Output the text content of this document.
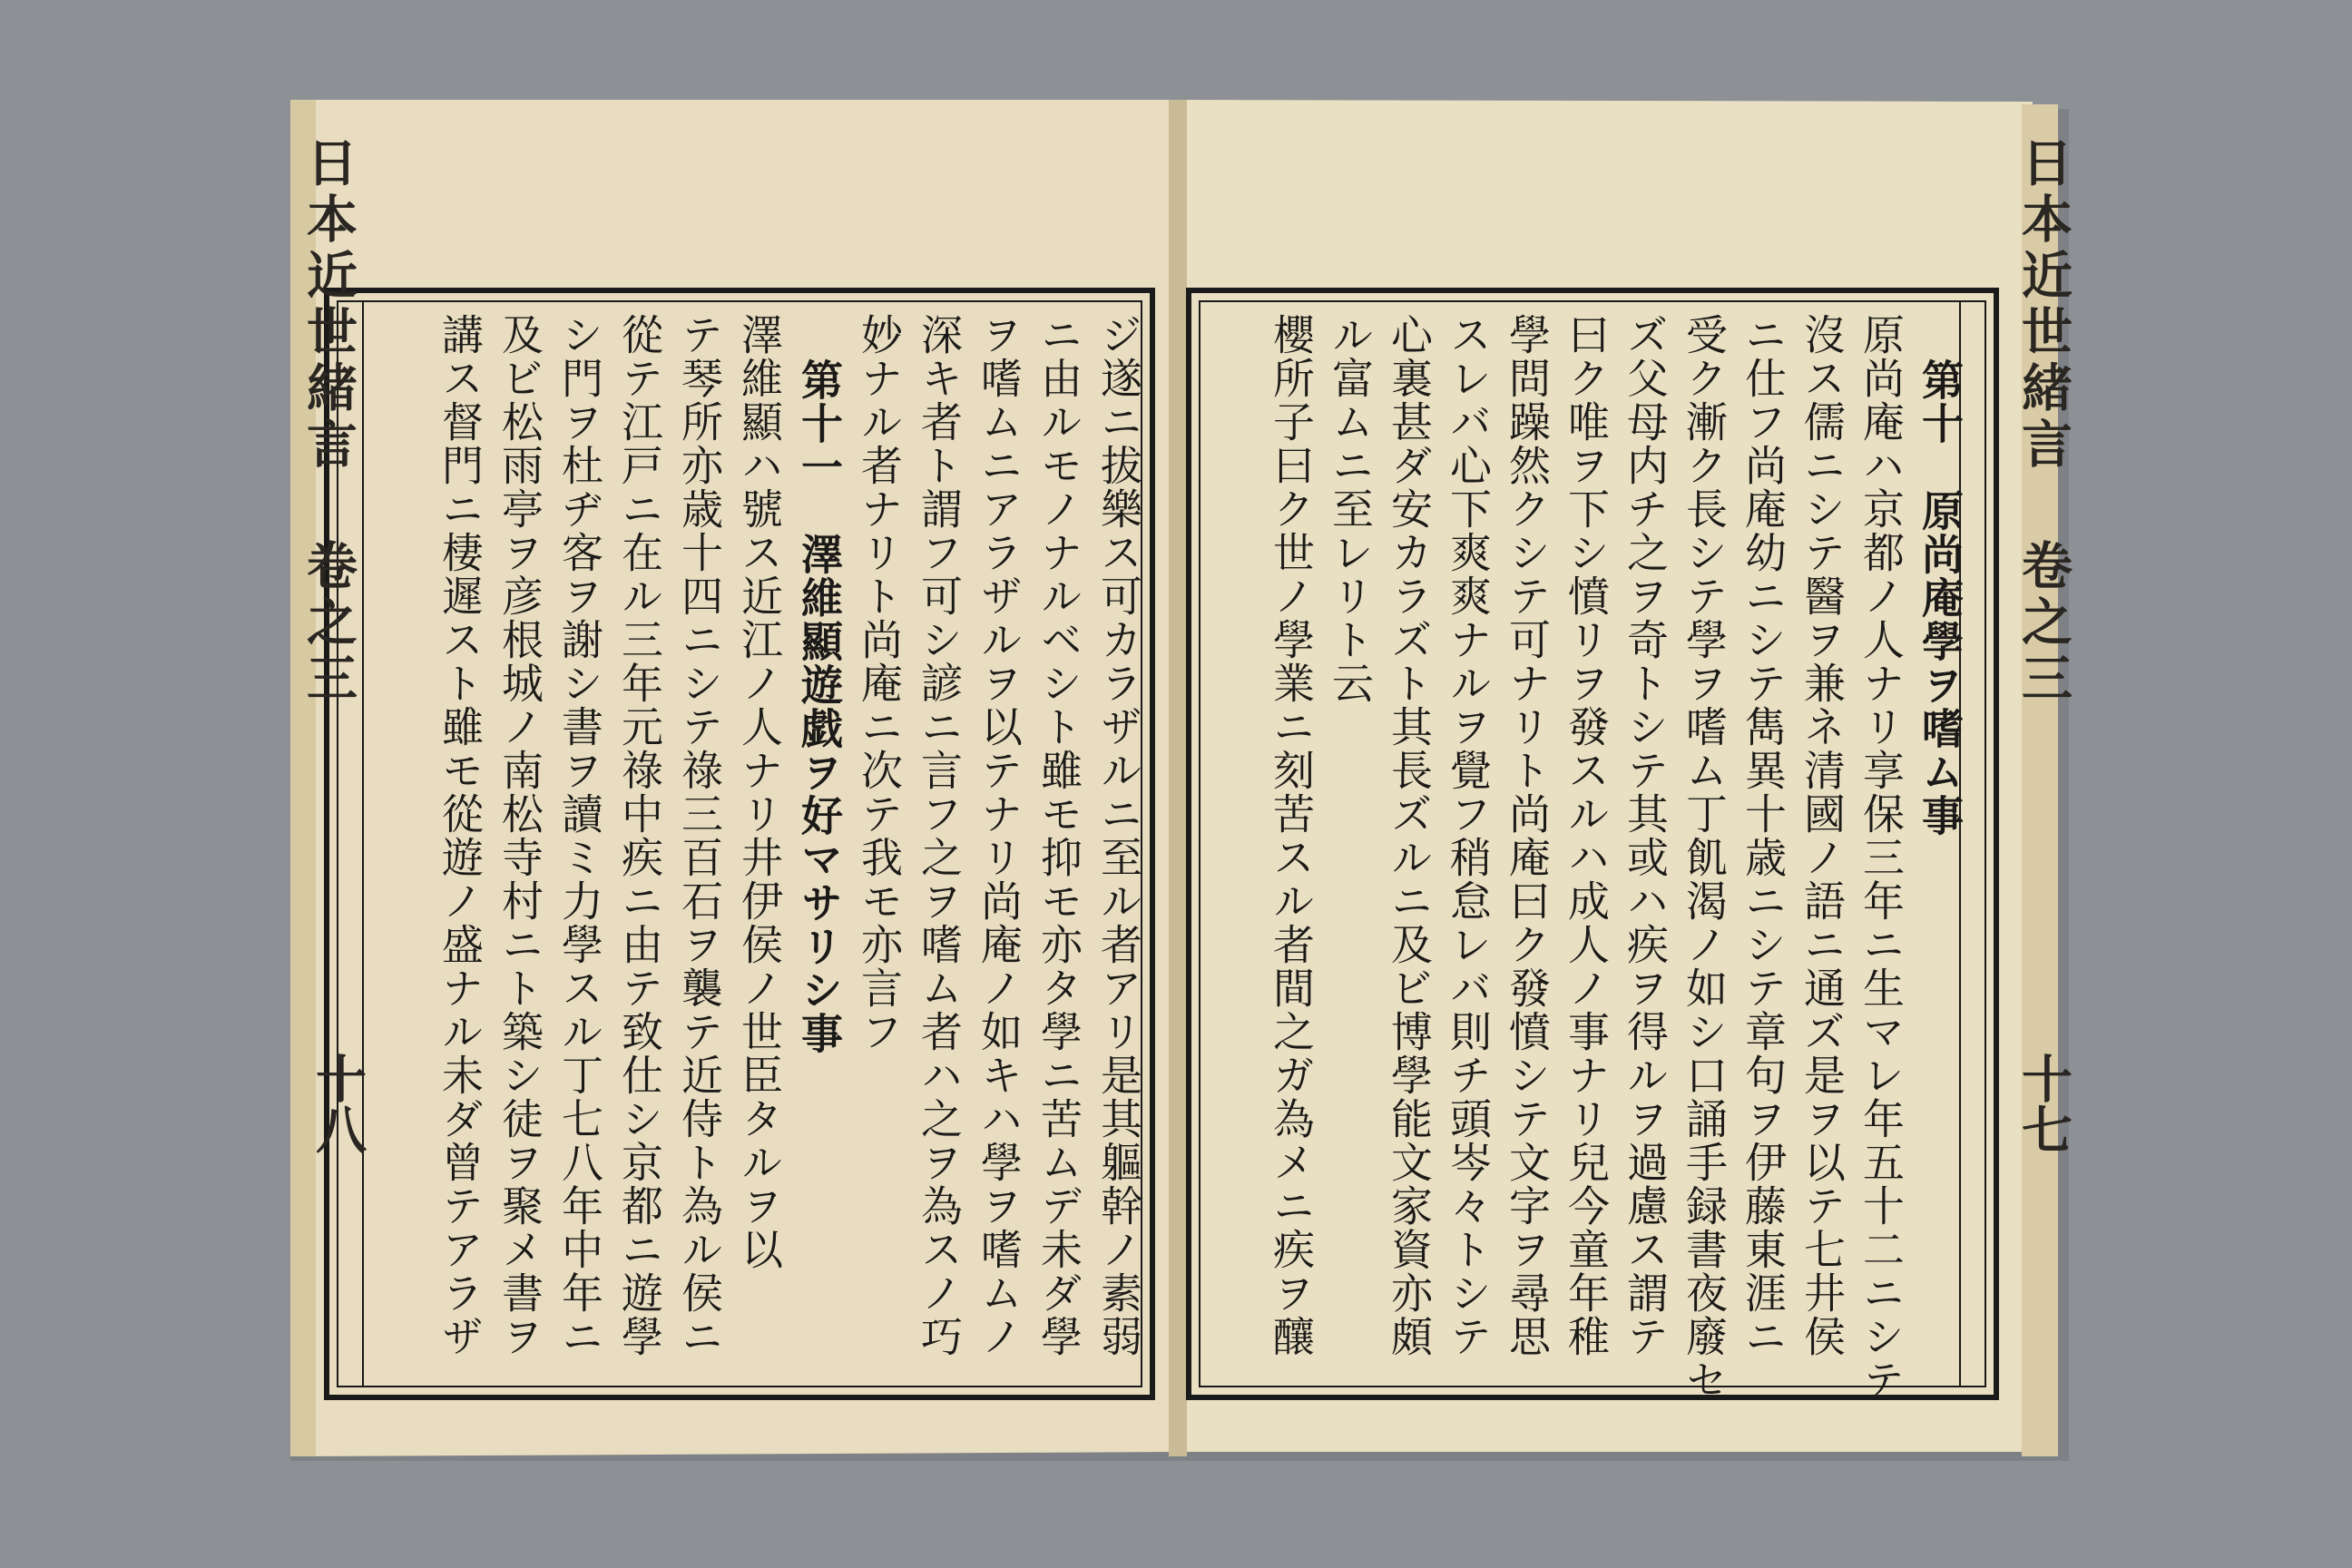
日本近世緒言 卷之三
十八
日本近世緒言 卷之三
十七
ジ遂ニ拔樂ス可カラザルニ至ル者アリ是其軀幹ノ素弱
ニ由ルモノナルベシト雖モ抑モ亦タ學ニ苦ムデ未ダ學
ヲ嗜ムニアラザルヲ以テナリ尚庵ノ如キハ學ヲ嗜ムノ
深キ者ト謂フ可シ諺ニ言フ之ヲ嗜ム者ハ之ヲ為スノ巧
妙ナル者ナリト尚庵ニ次テ我モ亦言フ
第十一　澤維顯遊戯ヲ好マサリシ事
澤維顯ハ號ス近江ノ人ナリ井伊侯ノ世臣タルヲ以
テ琴所亦歳十四ニシテ祿三百石ヲ襲テ近侍ト為ル侯ニ
從テ江戸ニ在ル三年元祿中疾ニ由テ致仕シ京都ニ遊學
シ門ヲ杜ヂ客ヲ謝シ書ヲ讀ミ力學スル丁七八年中年ニ
及ビ松雨亭ヲ彦根城ノ南松寺村ニト築シ徒ヲ聚メ書ヲ
講ス督門ニ棲遲スト雖モ從遊ノ盛ナル未ダ曾テアラザ	第十　原尚庵學ヲ嗜ム事
原尚庵ハ京都ノ人ナリ享保三年ニ生マレ年五十二ニシテ
沒ス儒ニシテ醫ヲ兼ネ清國ノ語ニ通ズ是ヲ以テ七井侯
ニ仕フ尚庵幼ニシテ雋異十歳ニシテ章句ヲ伊藤東涯ニ
受ク漸ク長シテ學ヲ嗜ム丁飢渴ノ如シ口誦手録書夜廢セ
ズ父母内チ之ヲ奇トシテ其或ハ疾ヲ得ルヲ過慮ス謂テ
曰ク唯ヲ下シ憤リヲ發スルハ成人ノ事ナリ兒今童年稚
學問躁然クシテ可ナリト尚庵曰ク發憤シテ文字ヲ尋思
スレバ心下爽爽ナルヲ覺フ稍怠レバ則チ頭岑々トシテ
心裏甚ダ安カラズト其長ズルニ及ビ博學能文家資亦頗
ル富ムニ至レリト云
櫻所子曰ク世ノ學業ニ刻苦スル者間之ガ為メニ疾ヲ釀
